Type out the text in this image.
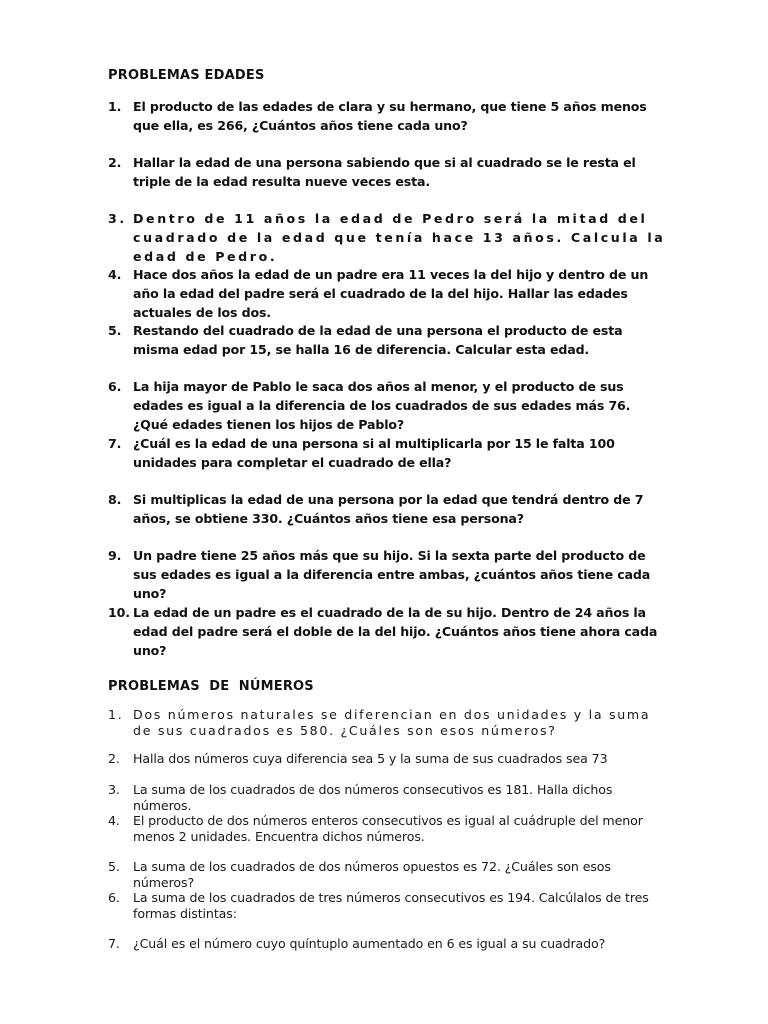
PROBLEMAS EDADES
1. El producto de las edades de clara y su hermano, que tiene 5 años menos que ella, es 266, ¿Cuántos años tiene cada uno?
2. Hallar la edad de una persona sabiendo que si al cuadrado se le resta el triple de la edad resulta nueve veces esta.
3. Dentro de 11 años la edad de Pedro será la mitad del cuadrado de la edad que tenía hace 13 años. Calcula la edad de Pedro.
4. Hace dos años la edad de un padre era 11 veces la del hijo y dentro de un año la edad del padre será el cuadrado de la del hijo. Hallar las edades actuales de los dos.
5. Restando del cuadrado de la edad de una persona el producto de esta misma edad por 15, se halla 16 de diferencia. Calcular esta edad.
6. La hija mayor de Pablo le saca dos años al menor, y el producto de sus edades es igual a la diferencia de los cuadrados de sus edades más 76. ¿Qué edades tienen los hijos de Pablo?
7. ¿Cuál es la edad de una persona si al multiplicarla por 15 le falta 100 unidades para completar el cuadrado de ella?
8. Si multiplicas la edad de una persona por la edad que tendrá dentro de 7 años, se obtiene 330. ¿Cuántos años tiene esa persona?
9. Un padre tiene 25 años más que su hijo. Si la sexta parte del producto de sus edades es igual a la diferencia entre ambas, ¿cuántos años tiene cada uno?
10. La edad de un padre es el cuadrado de la de su hijo. Dentro de 24 años la edad del padre será el doble de la del hijo. ¿Cuántos años tiene ahora cada uno?
PROBLEMAS  DE  NÚMEROS
1. Dos números naturales se diferencian en dos unidades y la suma de sus cuadrados es 580. ¿Cuáles son esos números?
2. Halla dos números cuya diferencia sea 5 y la suma de sus cuadrados sea 73
3. La suma de los cuadrados de dos números consecutivos es 181. Halla dichos números.
4. El producto de dos números enteros consecutivos es igual al cuádruple del menor menos 2 unidades. Encuentra dichos números.
5. La suma de los cuadrados de dos números opuestos es 72. ¿Cuáles son esos números?
6. La suma de los cuadrados de tres números consecutivos es 194. Calcúlalos de tres formas distintas:
7. ¿Cuál es el número cuyo quíntuplo aumentado en 6 es igual a su cuadrado?
